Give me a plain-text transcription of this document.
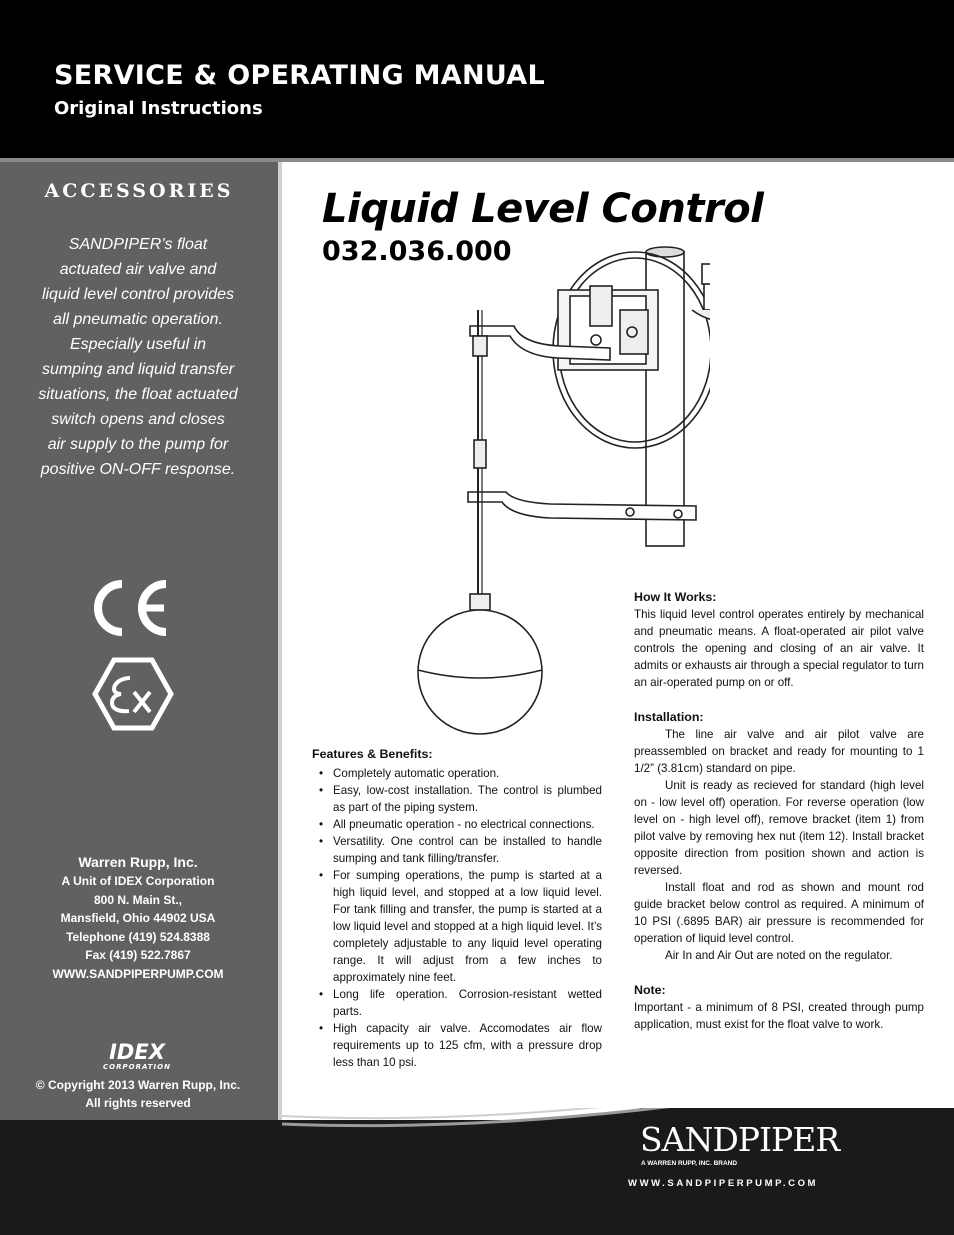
SERVICE & OPERATING MANUAL
Original Instructions
ACCESSORIES
SANDPIPER’s float
actuated air valve and
liquid level control provides
all pneumatic operation.
Especially useful in
sumping and liquid transfer
situations, the float actuated
switch opens and closes
air supply to the pump for
positive ON-OFF response.
Warren Rupp, Inc.
A Unit of IDEX Corporation
800 N. Main St.,
Mansfield, Ohio 44902 USA
Telephone (419) 524.8388
Fax (419) 522.7867
WWW.SANDPIPERPUMP.COM
IDEX
CORPORATION
© Copyright 2013 Warren Rupp, Inc.
All rights reserved
Liquid Level Control
032.036.000
Features & Benefits:
• Completely automatic operation.
• Easy, low-cost installation. The control is plumbed as part of the piping system.
• All pneumatic operation - no electrical connections.
• Versatility. One control can be installed to handle sumping and tank filling/transfer.
• For sumping operations, the pump is started at a high liquid level, and stopped at a low liquid level. For tank filling and transfer, the pump is started at a low liquid level and stopped at a high liquid level. It’s completely adjustable to any liquid level operating range. It will adjust from a few inches to approximately nine feet.
• Long life operation. Corrosion-resistant wetted parts.
• High capacity air valve. Accomodates air flow requirements up to 125 cfm, with a pressure drop less than 10 psi.
How It Works:

This liquid level control operates entirely by mechanical and pneumatic means. A float-operated air pilot valve controls the opening and closing of an air valve. It admits or exhausts air through a special regulator to turn an air-operated pump on or off.

Installation:

The line air valve and air pilot valve are preassembled on bracket and ready for mounting to 1 1/2” (3.81cm) standard on pipe.

Unit is ready as recieved for standard (high level on - low level off) operation. For reverse operation (low level on - high level off), remove bracket (item 1) from pilot valve by removing hex nut (item 12). Install bracket opposite direction from position shown and action is reversed.

Install float and rod as shown and mount rod guide bracket below control as required. A minimum of 10 PSI (.6895 BAR) air pressure is recommended for operation of liquid level control.

Air In and Air Out are noted on the regulator.

Note:

Important - a minimum of 8 PSI, created through pump application, must exist for the float valve to work.

SANDPIPER
A WARREN RUPP, INC. BRAND
WWW.SANDPIPERPUMP.COM
